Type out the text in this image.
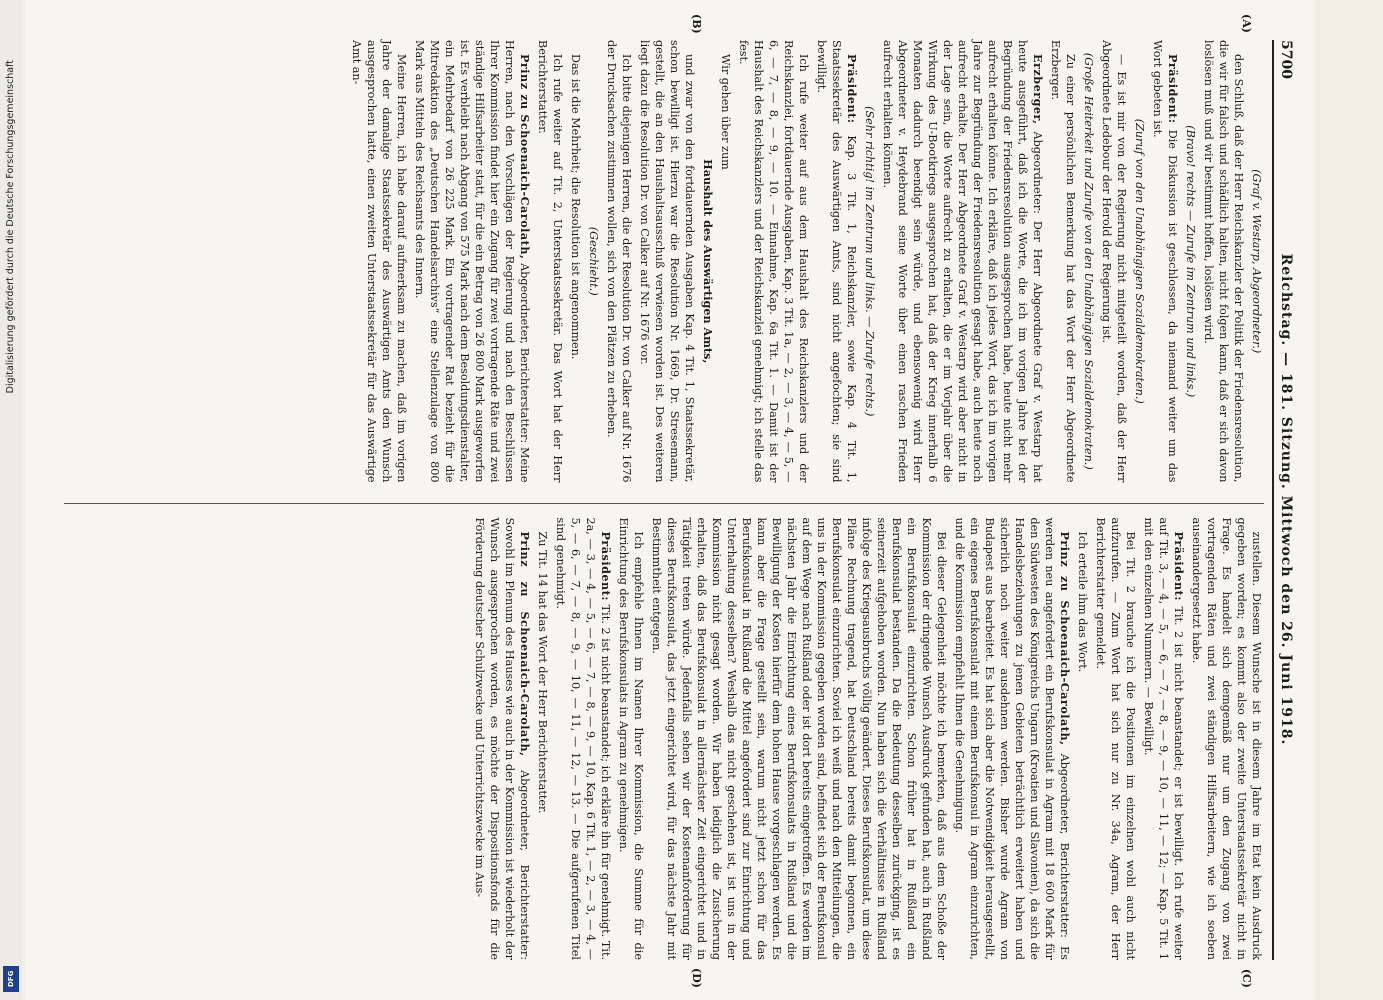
Digitalisierung gefördert durch die Deutsche Forschungsgemeinschaft
DFG
5700
Reichstag. — 181. Sitzung. Mittwoch den 26. Juni 1918.
(A)
(B)

(Graf v. Westarp, Abgeordneter.)

den Schluß, daß der Herr Reichskanzler der Politik der Friedensresolution, die wir für falsch und schädlich halten, nicht folgen kann, daß er sich davon loslösen muß und wir bestimmt hoffen, loslösen wird.

(Bravo! rechts — Zurufe im Zentrum und links.)

Präsident: Die Diskussion ist geschlossen, da niemand weiter um das Wort gebeten ist.

(Zuruf von den Unabhängigen Sozialdemokraten.)

— Es ist mir von der Regierung nicht mitgeteilt worden, daß der Herr Abgeordnete Ledebour der Herold der Regierung ist.

(Große Heiterkeit und Zurufe von den Unabhängigen Sozialdemokraten.)

Zu einer persönlichen Bemerkung hat das Wort der Herr Abgeordnete Erzberger.

Erzberger, Abgeordneter: Der Herr Abgeordnete Graf v. Westarp hat heute ausgeführt, daß ich die Worte, die ich im vorigen Jahre bei der Begründung der Friedensresolution ausgesprochen habe, heute nicht mehr aufrecht erhalten könne. Ich erkläre, daß ich jedes Wort, das ich im vorigen Jahre zur Begründung der Friedensresolution gesagt habe, auch heute noch aufrecht erhalte. Der Herr Abgeordnete Graf v. Westarp wird aber nicht in der Lage sein, die Worte aufrecht zu erhalten, die er im Vorjahr über die Wirkung des U-Bootkriegs ausgesprochen hat, daß der Krieg innerhalb 6 Monaten dadurch beendigt sein würde, und ebensowenig wird Herr Abgeordneter v. Heydebrand seine Worte über einen raschen Frieden aufrecht erhalten können.

(Sehr richtig! im Zentrum und links. — Zurufe rechts.)

Präsident: Kap. 3 Tit. 1, Reichskanzler, sowie Kap. 4 Tit. 1, Staatssekretär des Auswärtigen Amts, sind nicht angefochten; sie sind bewilligt.

Ich rufe weiter auf aus dem Haushalt des Reichskanzlers und der Reichskanzlei, fortdauernde Ausgaben, Kap. 3 Tit. 1a, — 2, — 3, — 4, — 5, — 6, — 7, — 8, — 9, — 10. — Einnahme, Kap. 6a Tit. 1. — Damit ist der Haushalt des Reichskanzlers und der Reichskanzlei genehmigt; ich stelle das fest.

Wir gehen über zum

Haushalt des Auswärtigen Amts,

und zwar von den fortdauernden Ausgaben Kap. 4 Tit. 1, Staatssekretär, schon bewilligt ist. Hierzu war die Resolution Nr. 1669, Dr. Stresemann, gestellt, die an den Haushaltsausschuß verwiesen worden ist. Des weiteren liegt dazu die Resolution Dr. von Calker auf Nr. 1676 vor.

Ich bitte diejenigen Herren, die der Resolution Dr. von Calker auf Nr. 1676 der Drucksachen zustimmen wollen, sich von den Plätzen zu erheben.

(Geschieht.)

Das ist die Mehrheit; die Resolution ist angenommen.

Ich rufe weiter auf Tit. 2, Unterstaatssekretär. Das Wort hat der Herr Berichterstatter.

Prinz zu Schoenaich-Carolath, Abgeordneter, Berichterstatter: Meine Herren, nach den Vorschlägen der Regierung und nach den Beschlüssen Ihrer Kommission findet hier ein Zugang für zwei vortragende Räte und zwei ständige Hilfsarbeiter statt, für die ein Betrag von 26 800 Mark ausgeworfen ist. Es verbleibt nach Abgang von 575 Mark nach dem Besoldungsdienstalter, ein Mehrbedarf von 26 225 Mark. Ein vortragender Rat bezieht für die Mitredaktion des „Deutschen Handelsarchivs“ eine Stellenzulage von 800 Mark aus Mitteln des Reichsamts des Innern.

Meine Herren, ich habe darauf aufmerksam zu machen, daß im vorigen Jahre der damalige Staatssekretär des Auswärtigen Amts den Wunsch ausgesprochen hatte, einen zweiten Unterstaatssekretär für das Auswärtige Amt an-

(C)
(D)

zustellen. Diesem Wunsche ist in diesem Jahre im Etat kein Ausdruck gegeben worden; es kommt also der zweite Unterstaatssekretär nicht in Frage. Es handelt sich demgemäß nur um den Zugang von zwei vortragenden Räten und zwei ständigen Hilfsarbeitern, wie ich soeben auseinandergesetzt habe.

Präsident: Tit. 2 ist nicht beanstandet; er ist bewilligt. Ich rufe weiter auf Tit. 3, — 4, — 5, — 6, — 7, — 8, — 9, — 10, — 11, — 12; — Kap. 5 Tit. 1 mit den einzelnen Nummern. — Bewilligt.

Bei Tit. 2 brauche ich die Positionen im einzelnen wohl auch nicht aufzurufen. — Zum Wort hat sich nur zu Nr. 34a, Agram, der Herr Berichterstatter gemeldet.

Ich erteile ihm das Wort.

Prinz zu Schoenaich-Carolath, Abgeordneter, Berichterstatter: Es werden neu angefordert ein Berufskonsulat in Agram mit 18 600 Mark für den Südwesten des Königreichs Ungarn (Kroatien und Slavonien), da sich die Handelsbeziehungen zu jenen Gebieten beträchtlich erweitert haben und sicherlich noch weiter ausdehnen werden. Bisher wurde Agram von Budapest aus bearbeitet. Es hat sich aber die Notwendigkeit herausgestellt, ein eigenes Berufskonsulat mit einem Berufskonsul in Agram einzurichten, und die Kommission empfiehlt Ihnen die Genehmigung.

Bei dieser Gelegenheit möchte ich bemerken, daß aus dem Schoße der Kommission der dringende Wunsch Ausdruck gefunden hat, auch in Rußland ein Berufskonsulat einzurichten. Schon früher hat in Rußland ein Berufskonsulat bestanden. Da die Bedeutung desselben zurückging, ist es seinerzeit aufgehoben worden. Nun haben sich die Verhältnisse in Rußland infolge des Kriegsausbruchs völlig geändert. Dieses Berufskonsulat, um diese Pläne Rechnung tragend, hat Deutschland bereits damit begonnen, ein Berufskonsulat einzurichten. Soviel ich weiß und nach den Mitteilungen, die uns in der Kommission gegeben worden sind, befindet sich der Berufskonsul auf dem Wege nach Rußland oder ist dort bereits eingetroffen. Es werden im nächsten Jahr die Einrichtung eines Berufskonsulats in Rußland und die Bewilligung der Kosten hierfür dem hohen Hause vorgeschlagen werden. Es kann aber die Frage gestellt sein, warum nicht jetzt schon für das Berufskonsulat in Rußland die Mittel angefordert sind zur Einrichtung und Unterhaltung desselben? Weshalb das nicht geschehen ist, ist uns in der Kommission nicht gesagt worden. Wir haben lediglich die Zusicherung erhalten, daß das Berufskonsulat in allernächster Zeit eingerichtet und in Tätigkeit treten würde. Jedenfalls sehen wir der Kostenanforderung für dieses Berufskonsulat, das jetzt eingerichtet wird, für das nächste Jahr mit Bestimmtheit entgegen.

Ich empfehle Ihnen im Namen Ihrer Kommission, die Summe für die Einrichtung des Berufskonsulats in Agram zu genehmigen.

Präsident: Tit. 2 ist nicht beanstandet; ich erkläre ihn für genehmigt. Tit. 2a, — 3, — 4, — 5, — 6, — 7, — 8, — 9, — 10, Kap. 6 Tit. 1, — 2, — 3, — 4, — 5, — 6, — 7, — 8, — 9, — 10, — 11, — 12, — 13. — Die aufgerufenen Titel sind genehmigt.

Zu Tit. 14 hat das Wort der Herr Berichterstatter.

Prinz zu Schoenaich-Carolath, Abgeordneter, Berichterstatter: Sowohl im Plenum des Hauses wie auch in der Kommission ist wiederholt der Wunsch ausgesprochen worden, es möchte der Dispositionsfonds für die Förderung deutscher Schulzwecke und Unterrichtszwecke im Aus-
